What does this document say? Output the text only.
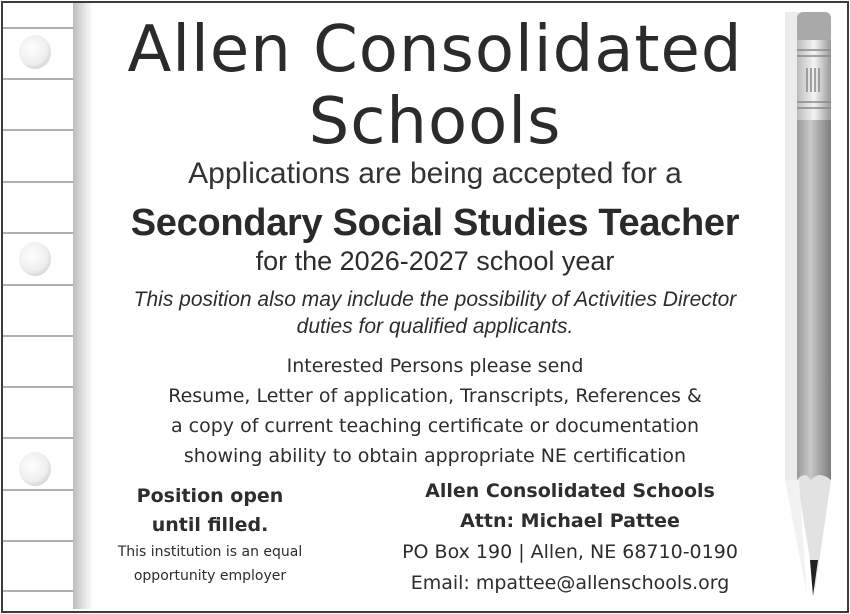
Allen Consolidated
Schools
Applications are being accepted for a
Secondary Social Studies Teacher
for the 2026-2027 school year
This position also may include the possibility of Activities Director
duties for qualified applicants.
Interested Persons please send
Resume, Letter of application, Transcripts, References &
a copy of current teaching certificate or documentation
showing ability to obtain appropriate NE certification
Position open
until filled.
This institution is an equal
opportunity employer
Allen Consolidated Schools
Attn: Michael Pattee
PO Box 190 | Allen, NE 68710-0190
Email: mpattee@allenschools.org
